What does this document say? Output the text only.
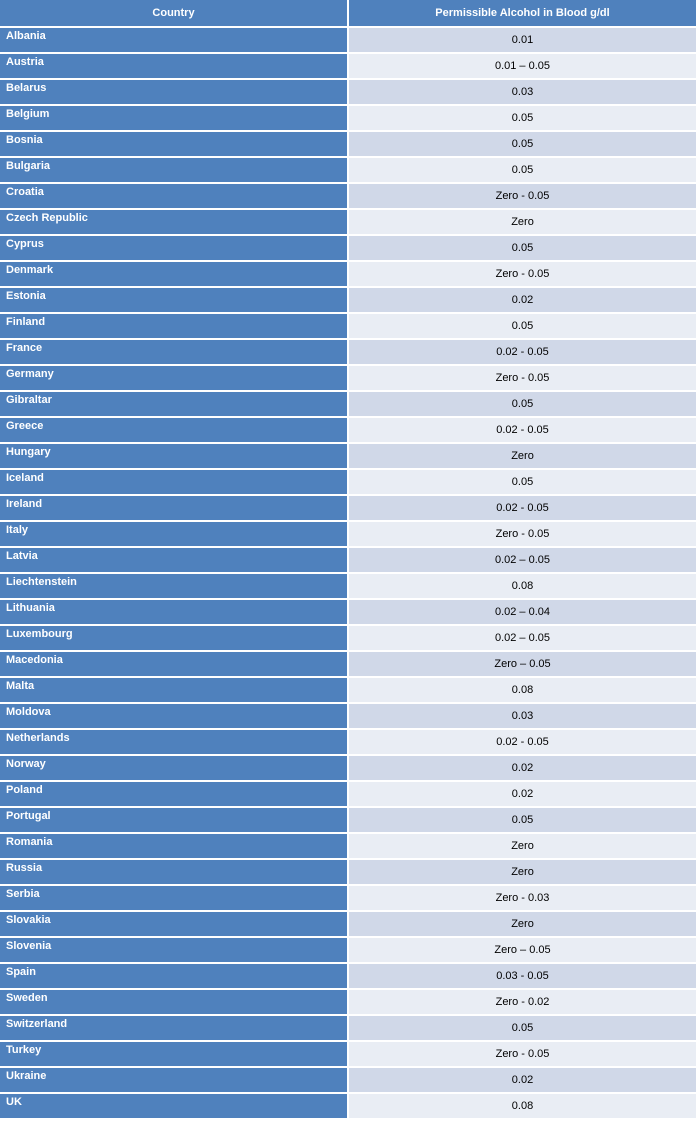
Country	Permissible Alcohol in Blood g/dl
Albania	0.01
Austria	0.01 – 0.05
Belarus	0.03
Belgium	0.05
Bosnia	0.05
Bulgaria	0.05
Croatia	Zero - 0.05
Czech Republic	Zero
Cyprus	0.05
Denmark	Zero - 0.05
Estonia	0.02
Finland	0.05
France	0.02 - 0.05
Germany	Zero - 0.05
Gibraltar	0.05
Greece	0.02 - 0.05
Hungary	Zero
Iceland	0.05
Ireland	0.02 - 0.05
Italy	Zero - 0.05
Latvia	0.02 – 0.05
Liechtenstein	0.08
Lithuania	0.02 – 0.04
Luxembourg	0.02 – 0.05
Macedonia	Zero – 0.05
Malta	0.08
Moldova	0.03
Netherlands	0.02 - 0.05
Norway	0.02
Poland	0.02
Portugal	0.05
Romania	Zero
Russia	Zero
Serbia	Zero - 0.03
Slovakia	Zero
Slovenia	Zero – 0.05
Spain	0.03 - 0.05
Sweden	Zero - 0.02
Switzerland	0.05
Turkey	Zero - 0.05
Ukraine	0.02
UK	0.08
